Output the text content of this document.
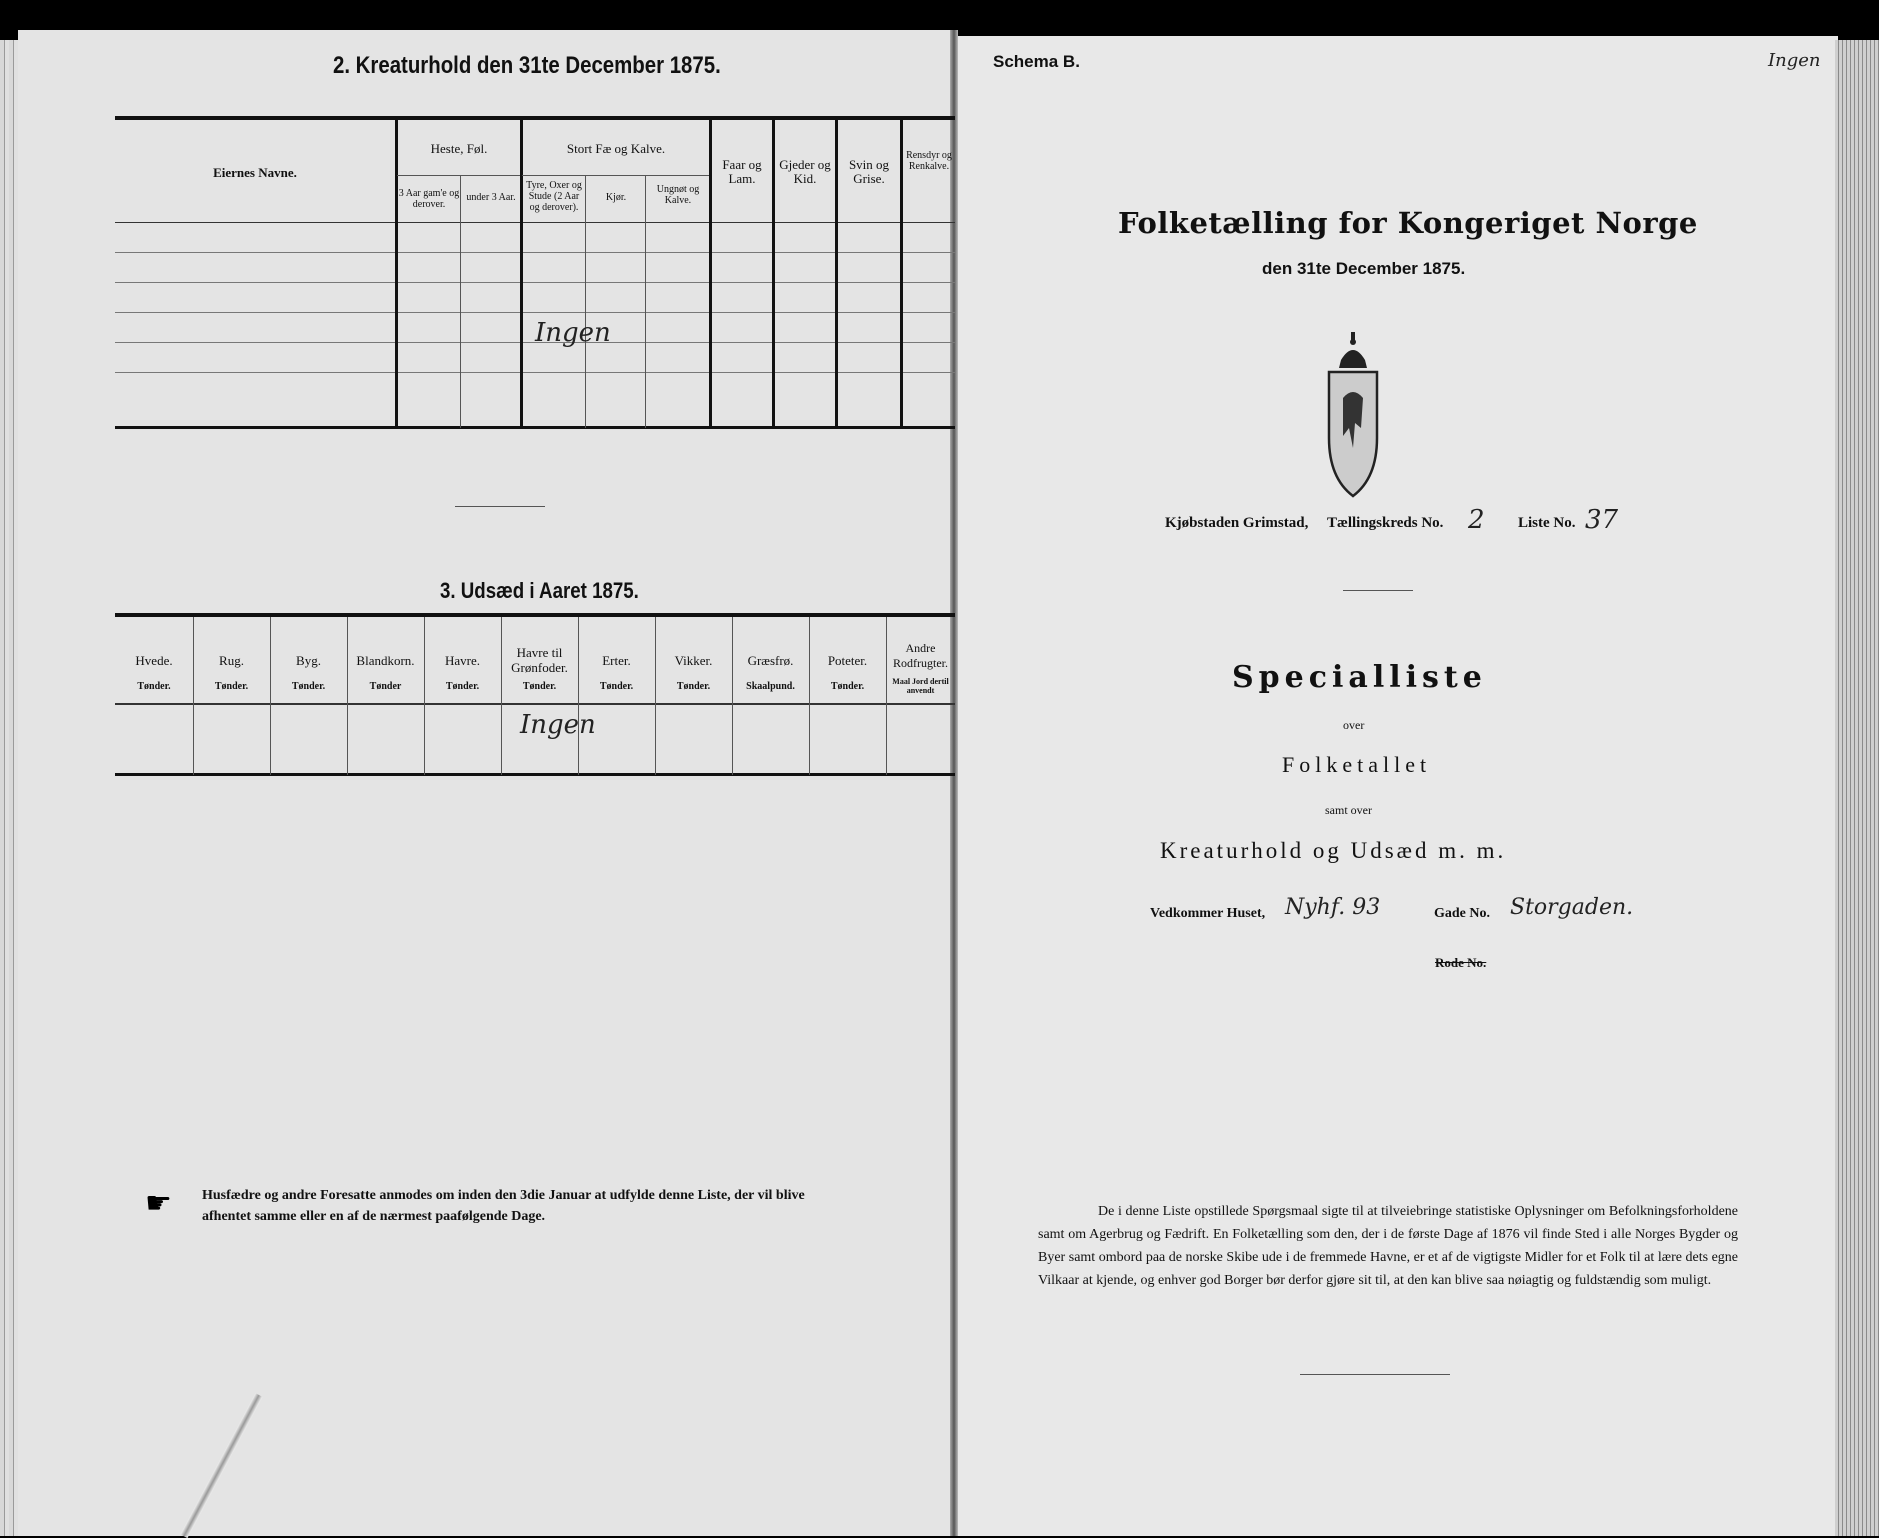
2. Kreaturhold den 31te December 1875.
Eiernes Navne.
Heste, Føl.
3 Aar gam'e og derover.
under 3 Aar.
Stort Fæ og Kalve.
Tyre, Oxer og Stude (2 Aar og derover).
Kjør.
Ungnøt og Kalve.
Faar og Lam.
Gjeder og Kid.
Svin og Grise.
Rensdyr og Renkalve.
Ingen
3. Udsæd i Aaret 1875.
Hvede.
Tønder.
Rug.
Tønder.
Byg.
Tønder.
Blandkorn.
Tønder
Havre.
Tønder.
Havre til Grønfoder.
Tønder.
Erter.
Tønder.
Vikker.
Tønder.
Græsfrø.
Skaalpund.
Poteter.
Tønder.
Andre Rodfrugter.
Maal Jord dertil anvendt
Ingen
☛ Husfædre og andre Foresatte anmodes om inden den 3die Januar at udfylde denne Liste, der vil blive
afhentet samme eller en af de nærmest paafølgende Dage.
Schema B.	Ingen
Folketælling for Kongeriget Norge
den 31te December 1875.
Kjøbstaden Grimstad, Tællingskreds No. 2 Liste No. 37
Specialliste
over
Folketallet
samt over
Kreaturhold og Udsæd m. m.
Vedkommer Huset, Nyhf. 93	Gade No. Storgaden.
Rode No.
De i denne Liste opstillede Spørgsmaal sigte til at tilveiebringe statistiske Oplysninger om Befolkningsforholdene samt om Agerbrug og Fædrift. En Folketælling som den, der i de første Dage af 1876 vil finde Sted i alle Norges Bygder og Byer samt ombord paa de norske Skibe ude i de fremmede Havne, er et af de vigtigste Midler for et Folk til at lære dets egne Vilkaar at kjende, og enhver god Borger bør derfor gjøre sit til, at den kan blive saa nøiagtig og fuldstændig som muligt.
